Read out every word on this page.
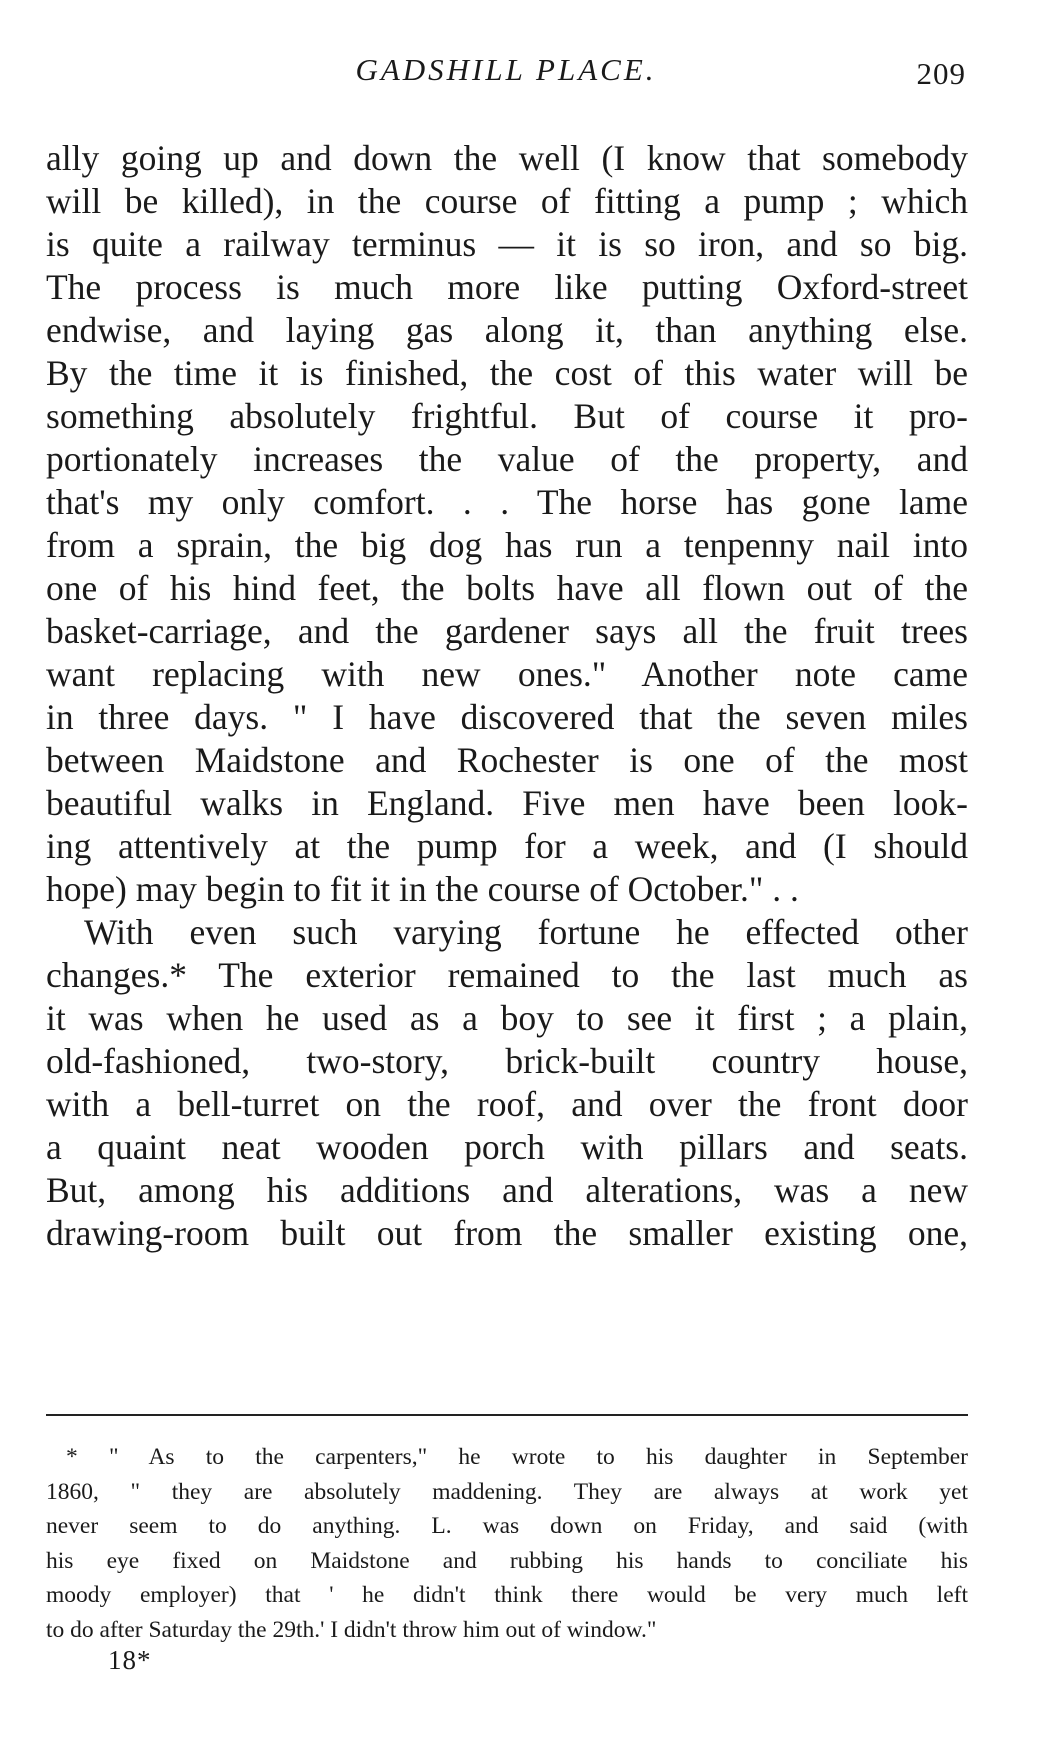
GADSHILL PLACE.	209
ally going up and down the well (I know that somebody
will be killed), in the course of fitting a pump ; which
is quite a railway terminus — it is so iron, and so big.
The process is much more like putting Oxford-street
endwise, and laying gas along it, than anything else.
By the time it is finished, the cost of this water will be
something absolutely frightful. But of course it pro-
portionately increases the value of the property, and
that's my only comfort. . . The horse has gone lame
from a sprain, the big dog has run a tenpenny nail into
one of his hind feet, the bolts have all flown out of the
basket-carriage, and the gardener says all the fruit trees
want replacing with new ones." Another note came
in three days. " I have discovered that the seven miles
between Maidstone and Rochester is one of the most
beautiful walks in England. Five men have been look-
ing attentively at the pump for a week, and (I should
hope) may begin to fit it in the course of October." . .
With even such varying fortune he effected other
changes.* The exterior remained to the last much as
it was when he used as a boy to see it first ; a plain,
old-fashioned, two-story, brick-built country house,
with a bell-turret on the roof, and over the front door
a quaint neat wooden porch with pillars and seats.
But, among his additions and alterations, was a new
drawing-room built out from the smaller existing one,
* " As to the carpenters," he wrote to his daughter in September
1860, " they are absolutely maddening. They are always at work yet
never seem to do anything. L. was down on Friday, and said (with
his eye fixed on Maidstone and rubbing his hands to conciliate his
moody employer) that ' he didn't think there would be very much left
to do after Saturday the 29th.' I didn't throw him out of window."
18*
